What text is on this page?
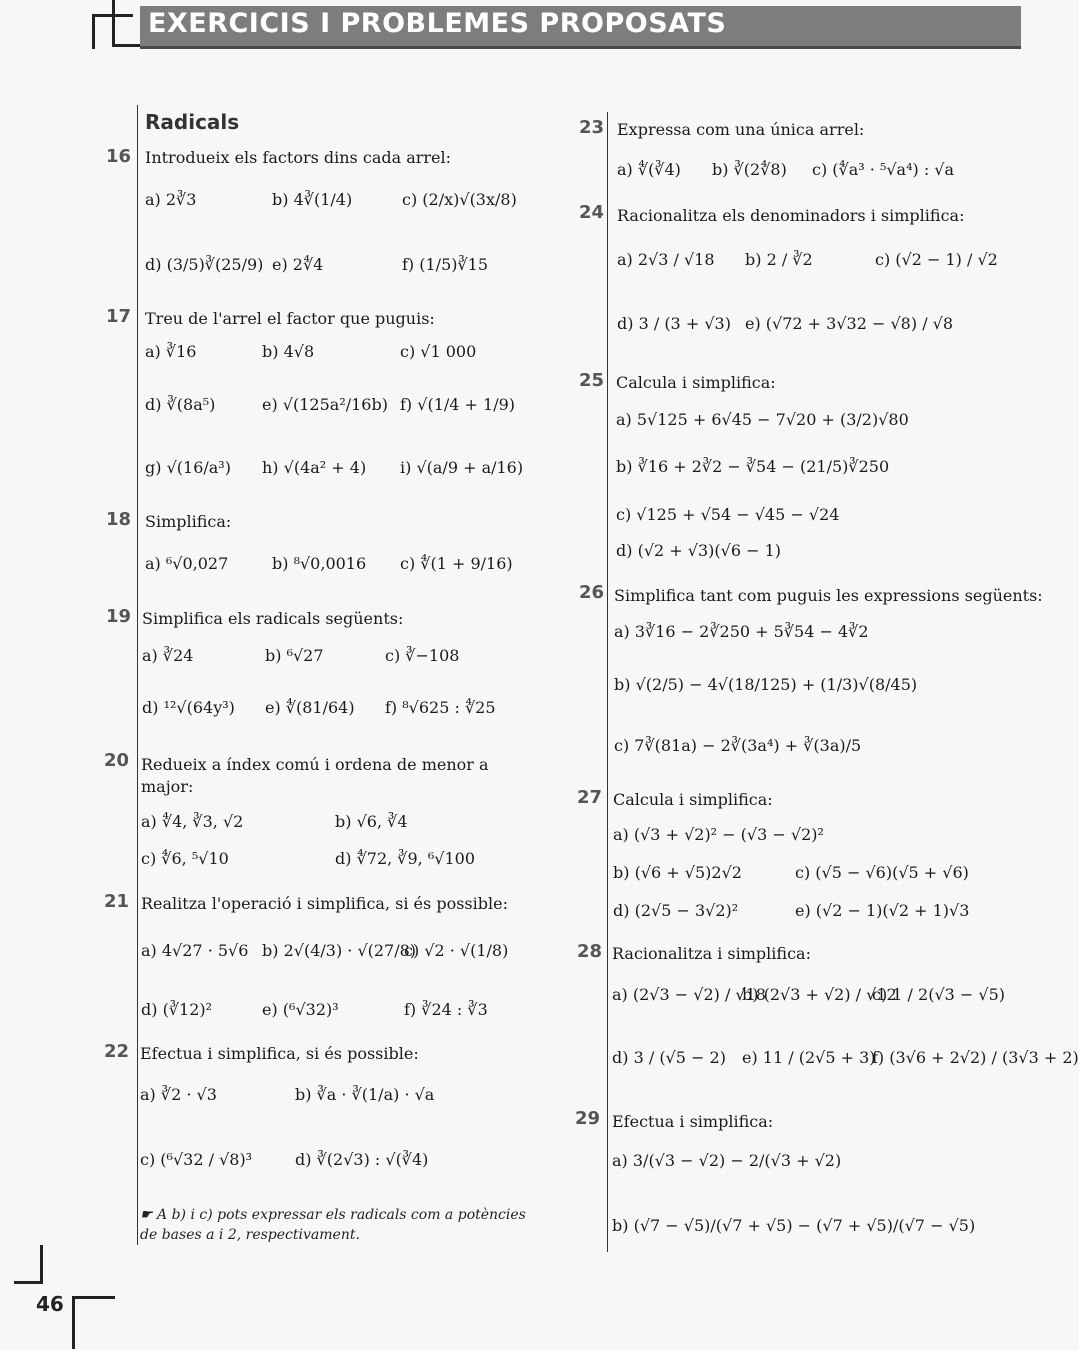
EXERCICIS I PROBLEMES PROPOSATS
Radicals
16 Introdueix els factors dins cada arrel:
a) 2∛3	b) 4∛(1/4)	c) (2/x)√(3x/8)
d) (3/5)∛(25/9) e) 2∜4	f) (1/5)∛15
17 Treu de l'arrel el factor que puguis:
a) ∛16	b) 4√8	c) √1 000
d) ∛(8a⁵)	e) √(125a²/16b) f) √(1/4 + 1/9)
g) √(16/a³) h) √(4a² + 4) i) √(a/9 + a/16)
18 Simplifica:
a) ⁶√0,027	b) ⁸√0,0016 c) ∜(1 + 9/16)
19 Simplifica els radicals següents:
a) ∛24	b) ⁶√27	c) ∛−108
d) ¹²√(64y³) e) ∜(81/64) f) ⁸√625 : ∜25
20 Redueix a índex comú i ordena de menor a major:
a) ∜4, ∛3, √2	b) √6, ∛4
c) ∜6, ⁵√10	d) ∜72, ∛9, ⁶√100
21 Realitza l'operació i simplifica, si és possible:
a) 4√27 · 5√6 b) 2√(4/3) · √(27/8)
c) √2 · √(1/8)
d) (∛12)²	e) (⁶√32)³	f) ∛24 : ∛3
22 Efectua i simplifica, si és possible:
a) ∛2 · √3	b) ∛a · ∛(1/a) · √a
c) (⁶√32 / √8)³	d) ∛(2√3) : √(∛4)
☛ A b) i c) pots expressar els radicals com a potències de bases a i 2, respectivament.
23 Expressa com una única arrel:
a) ∜(∛4) b) ∛(2∜8) c) (∜a³ · ⁵√a⁴) : √a
24 Racionalitza els denominadors i simplifica:
a) 2√3 / √18 b) 2 / ∛2	c) (√2 − 1) / √2
d) 3 / (3 + √3) e) (√72 + 3√32 − √8) / √8
25 Calcula i simplifica:
a) 5√125 + 6√45 − 7√20 + (3/2)√80
b) ∛16 + 2∛2 − ∛54 − (21/5)∛250
c) √125 + √54 − √45 − √24
d) (√2 + √3)(√6 − 1)
26 Simplifica tant com puguis les expressions següents:
a) 3∛16 − 2∛250 + 5∛54 − 4∛2
b) √(2/5) − 4√(18/125) + (1/3)√(8/45)
c) 7∛(81a) − 2∛(3a⁴) + ∛(3a)/5
27 Calcula i simplifica:
a) (√3 + √2)² − (√3 − √2)²
b) (√6 + √5)2√2	c) (√5 − √6)(√5 + √6)
d) (2√5 − 3√2)²	e) (√2 − 1)(√2 + 1)√3
28 Racionalitza i simplifica:
a) (2√3 − √2) / √18
b) (2√3 + √2) / √12
c) 1 / 2(√3 − √5)
d) 3 / (√5 − 2) e) 11 / (2√5 + 3)
f) (3√6 + 2√2) / (3√3 + 2)
29 Efectua i simplifica:
a) 3/(√3 − √2) − 2/(√3 + √2)
b) (√7 − √5)/(√7 + √5) − (√7 + √5)/(√7 − √5)
46
